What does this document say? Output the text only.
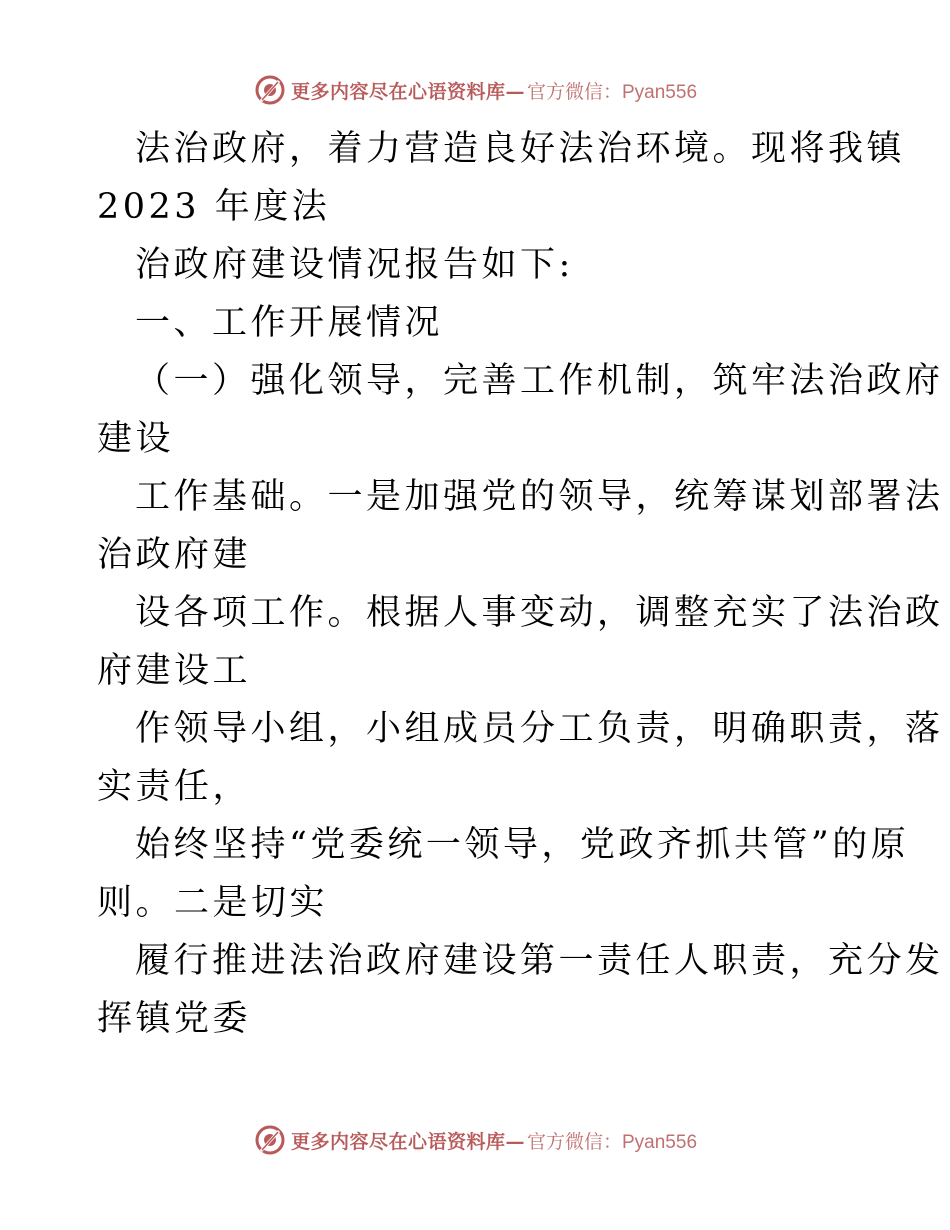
更多内容尽在心语资料库— 官方微信：Pyan556
法治政府，着力营造良好法治环境。现将我镇
2023 年度法
治政府建设情况报告如下:
一、工作开展情况
（一）强化领导，完善工作机制，筑牢法治政府
建设
工作基础。一是加强党的领导，统筹谋划部署法
治政府建
设各项工作。根据人事变动，调整充实了法治政
府建设工
作领导小组，小组成员分工负责，明确职责，落
实责任，
始终坚持“党委统一领导，党政齐抓共管”的原
则。二是切实
履行推进法治政府建设第一责任人职责，充分发
挥镇党委
更多内容尽在心语资料库— 官方微信：Pyan556
